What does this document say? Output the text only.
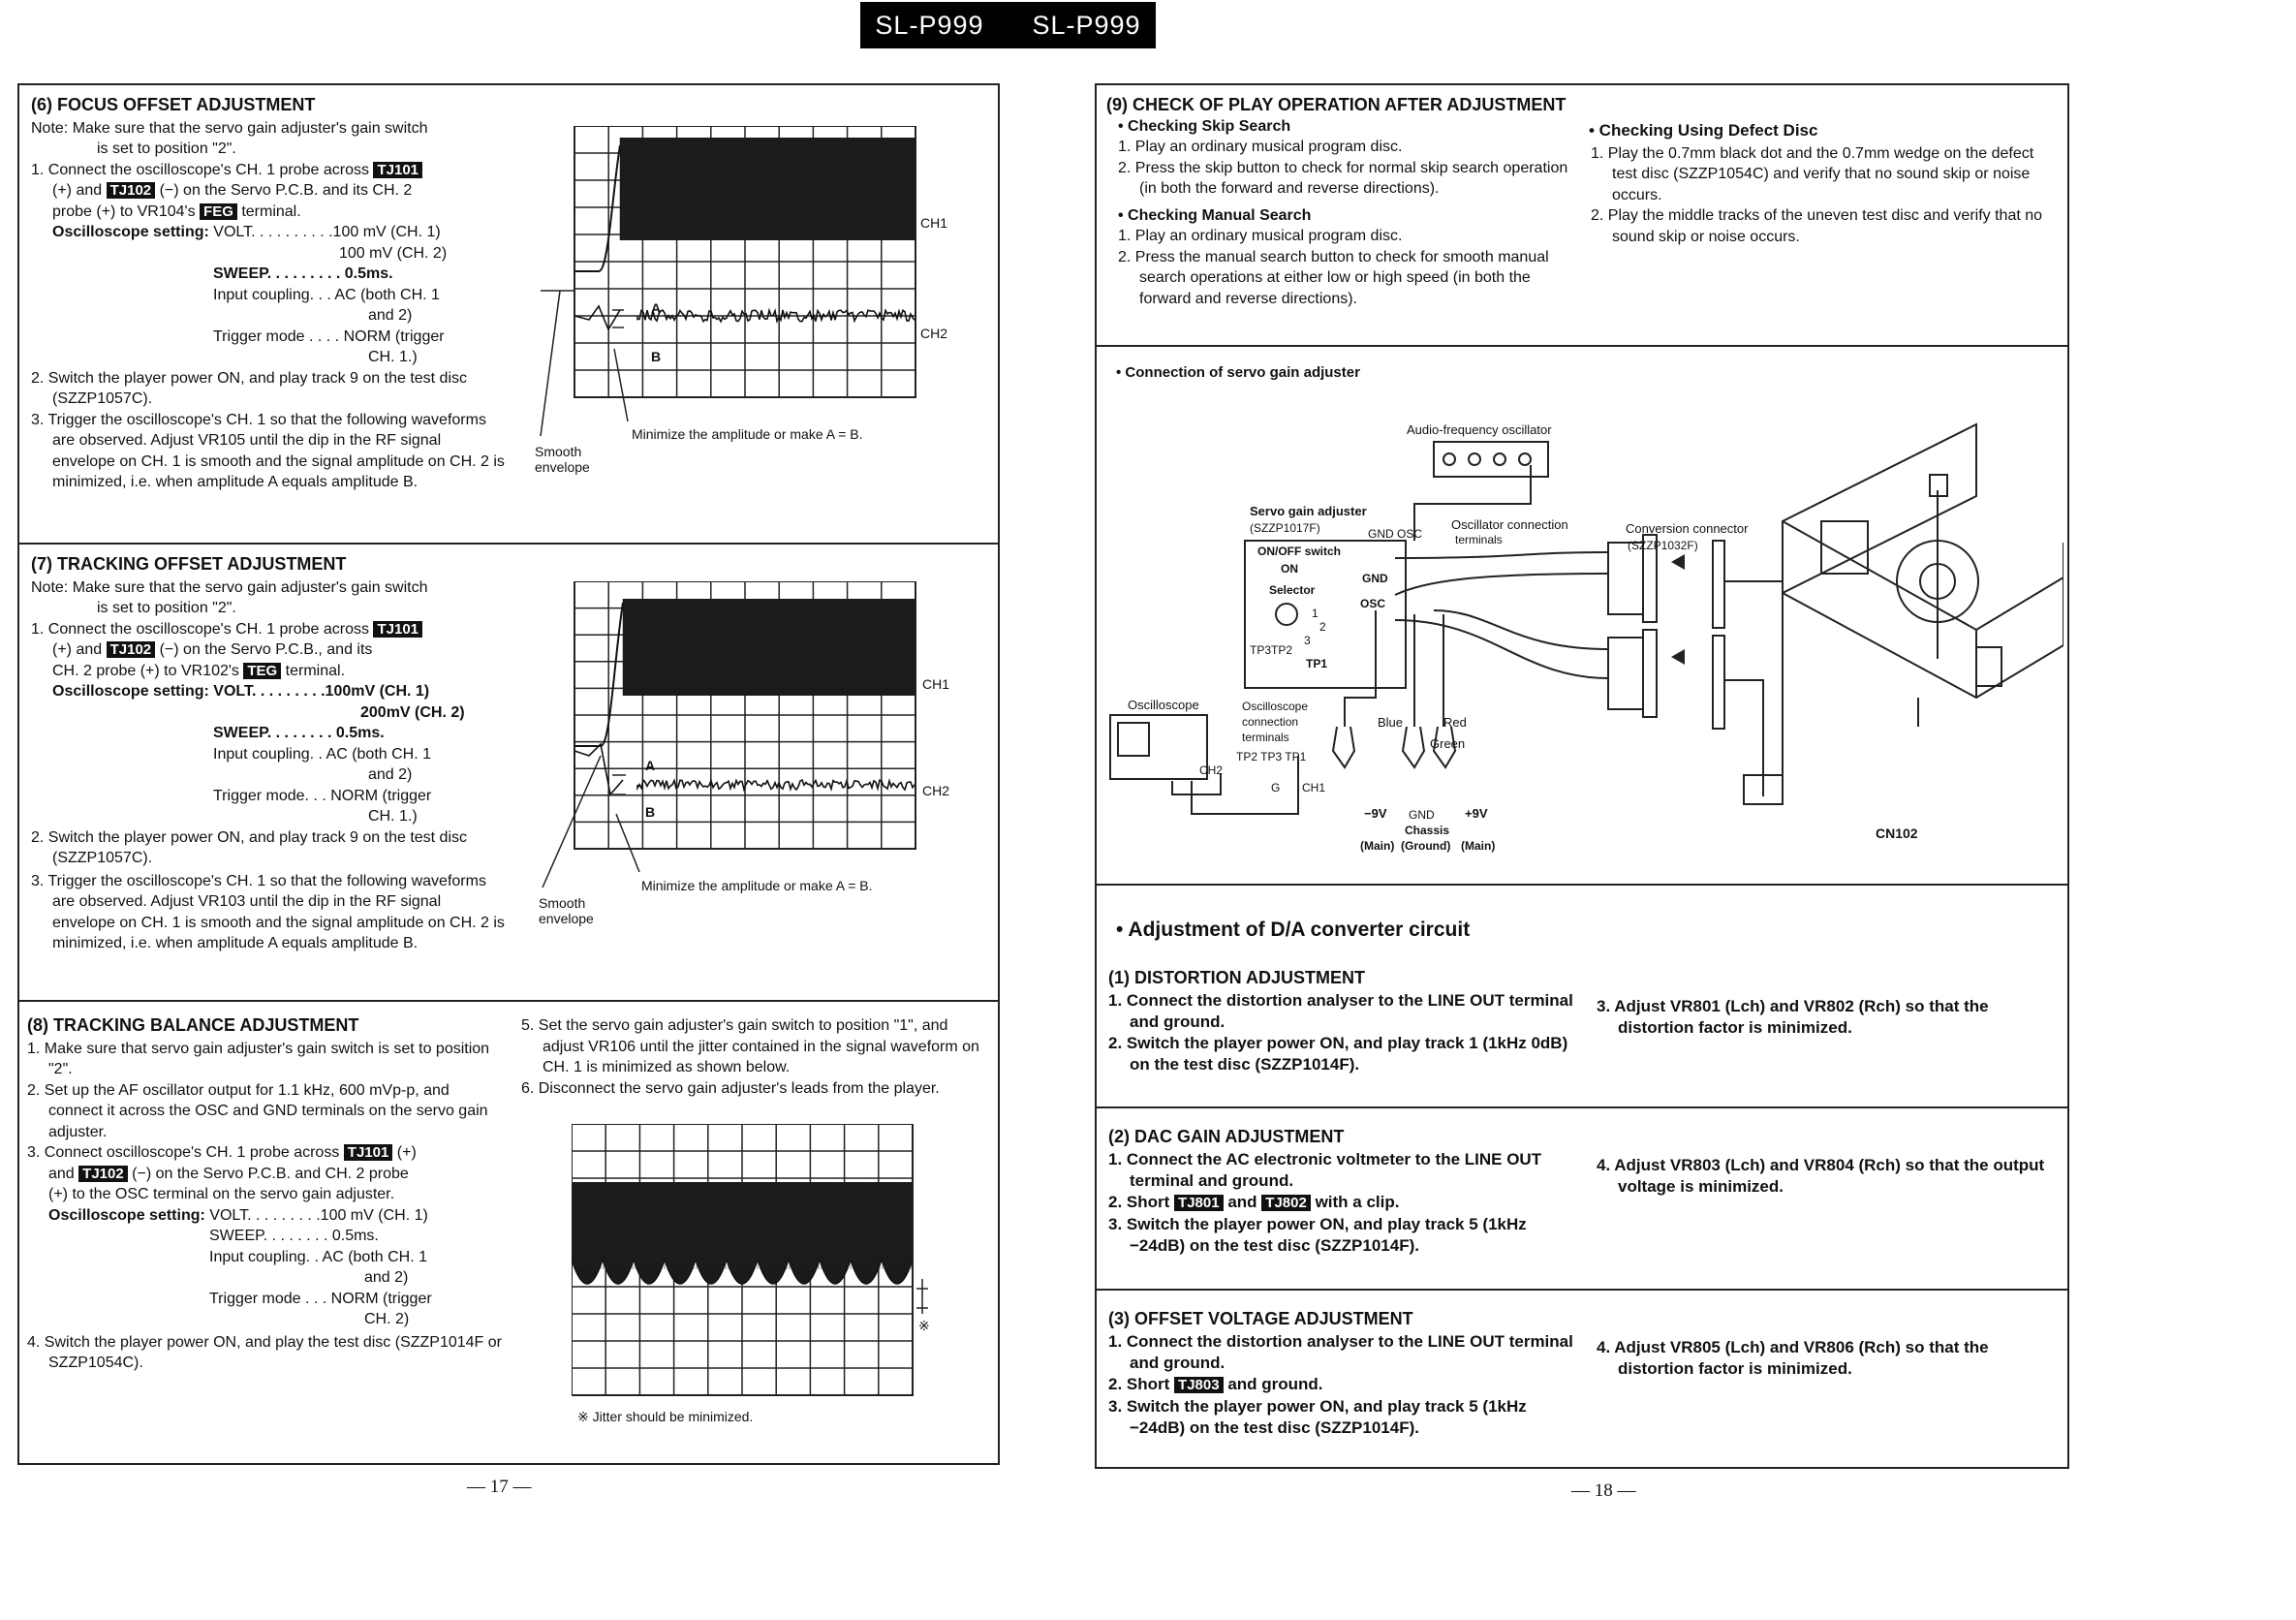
SL-P999 SL-P999
(6) FOCUS OFFSET ADJUSTMENT
Note: Make sure that the servo gain adjuster's gain switch
is set to position "2".
1. Connect the oscilloscope's CH. 1 probe across TJ101
(+) and TJ102 (−) on the Servo P.C.B. and its CH. 2
probe (+) to VR104's FEG terminal.
Oscilloscope setting: VOLT. . . . . . . . . .100 mV (CH. 1)
100 mV (CH. 2)
SWEEP. . . . . . . . . 0.5ms.
Input coupling. . . AC (both CH. 1
and 2)
Trigger mode . . . . NORM (trigger
CH. 1.)
2. Switch the player power ON, and play track 9 on the test disc (SZZP1057C).
3. Trigger the oscilloscope's CH. 1 so that the following waveforms are observed. Adjust VR105 until the dip in the RF signal envelope on CH. 1 is smooth and the signal amplitude on CH. 2 is minimized, i.e. when amplitude A equals amplitude B.
(7) TRACKING OFFSET ADJUSTMENT
Note: Make sure that the servo gain adjuster's gain switch
is set to position "2".
1. Connect the oscilloscope's CH. 1 probe across TJ101
(+) and TJ102 (−) on the Servo P.C.B., and its
CH. 2 probe (+) to VR102's TEG terminal.
Oscilloscope setting: VOLT. . . . . . . . .100mV (CH. 1)
200mV (CH. 2)
SWEEP. . . . . . . . 0.5ms.
Input coupling. . AC (both CH. 1
and 2)
Trigger mode. . . NORM (trigger
CH. 1.)
2. Switch the player power ON, and play track 9 on the test disc (SZZP1057C).
3. Trigger the oscilloscope's CH. 1 so that the following waveforms are observed. Adjust VR103 until the dip in the RF signal envelope on CH. 1 is smooth and the signal amplitude on CH. 2 is minimized, i.e. when amplitude A equals amplitude B.
(8) TRACKING BALANCE ADJUSTMENT
1. Make sure that servo gain adjuster's gain switch is set to position "2".
2. Set up the AF oscillator output for 1.1 kHz, 600 mVp-p, and connect it across the OSC and GND terminals on the servo gain adjuster.
3. Connect oscilloscope's CH. 1 probe across TJ101 (+)
and TJ102 (−) on the Servo P.C.B. and CH. 2 probe
(+) to the OSC terminal on the servo gain adjuster.
Oscilloscope setting: VOLT. . . . . . . . .100 mV (CH. 1)
SWEEP. . . . . . . . 0.5ms.
Input coupling. . AC (both CH. 1
and 2)
Trigger mode . . . NORM (trigger
CH. 2)
4. Switch the player power ON, and play the test disc (SZZP1014F or SZZP1054C).
5. Set the servo gain adjuster's gain switch to position "1", and adjust VR106 until the jitter contained in the signal waveform on CH. 1 is minimized as shown below.
6. Disconnect the servo gain adjuster's leads from the player.
— 17 —
(9) CHECK OF PLAY OPERATION AFTER ADJUSTMENT
• Checking Skip Search
1. Play an ordinary musical program disc.
2. Press the skip button to check for normal skip search operation (in both the forward and reverse directions).
• Checking Manual Search
1. Play an ordinary musical program disc.
2. Press the manual search button to check for smooth manual search operations at either low or high speed (in both the forward and reverse directions).
• Checking Using Defect Disc
1. Play the 0.7mm black dot and the 0.7mm wedge on the defect test disc (SZZP1054C) and verify that no sound skip or noise occurs.
2. Play the middle tracks of the uneven test disc and verify that no sound skip or noise occurs.
• Connection of servo gain adjuster
Audio-frequency oscillator
Servo gain adjuster
(SZZP1017F)	GND OSC
ON/OFF switch
ON
Selector
1
2
3
TP3TP2
TP1
GND
OSC
Oscillator connection
terminals
Conversion connector
(SZZP1032F)
Oscilloscope	Oscilloscope
connection
terminals
TP2 TP3 TP1
CH1
CH2
G
Blue	Red
Green
−9V GND +9V
(Main)
Chassis
(Ground) (Main)
CN102
• Adjustment of D/A converter circuit
(1) DISTORTION ADJUSTMENT
1. Connect the distortion analyser to the LINE OUT terminal and ground.
2. Switch the player power ON, and play track 1 (1kHz 0dB) on the test disc (SZZP1014F).
3. Adjust VR801 (Lch) and VR802 (Rch) so that the distortion factor is minimized.
(2) DAC GAIN ADJUSTMENT
1. Connect the AC electronic voltmeter to the LINE OUT terminal and ground.
2. Short TJ801 and TJ802 with a clip.
3. Switch the player power ON, and play track 5 (1kHz −24dB) on the test disc (SZZP1014F).
4. Adjust VR803 (Lch) and VR804 (Rch) so that the output voltage is minimized.
(3) OFFSET VOLTAGE ADJUSTMENT
1. Connect the distortion analyser to the LINE OUT terminal and ground.
2. Short TJ803 and ground.
3. Switch the player power ON, and play track 5 (1kHz −24dB) on the test disc (SZZP1014F).
4. Adjust VR805 (Lch) and VR806 (Rch) so that the distortion factor is minimized.
— 18 —
CH1
CH2
A
B
Minimize the amplitude or make A = B.
Smooth
envelope
CH1
CH2
A
B
Minimize the amplitude or make A = B.
Smooth
envelope
※ Jitter should be minimized.
※
